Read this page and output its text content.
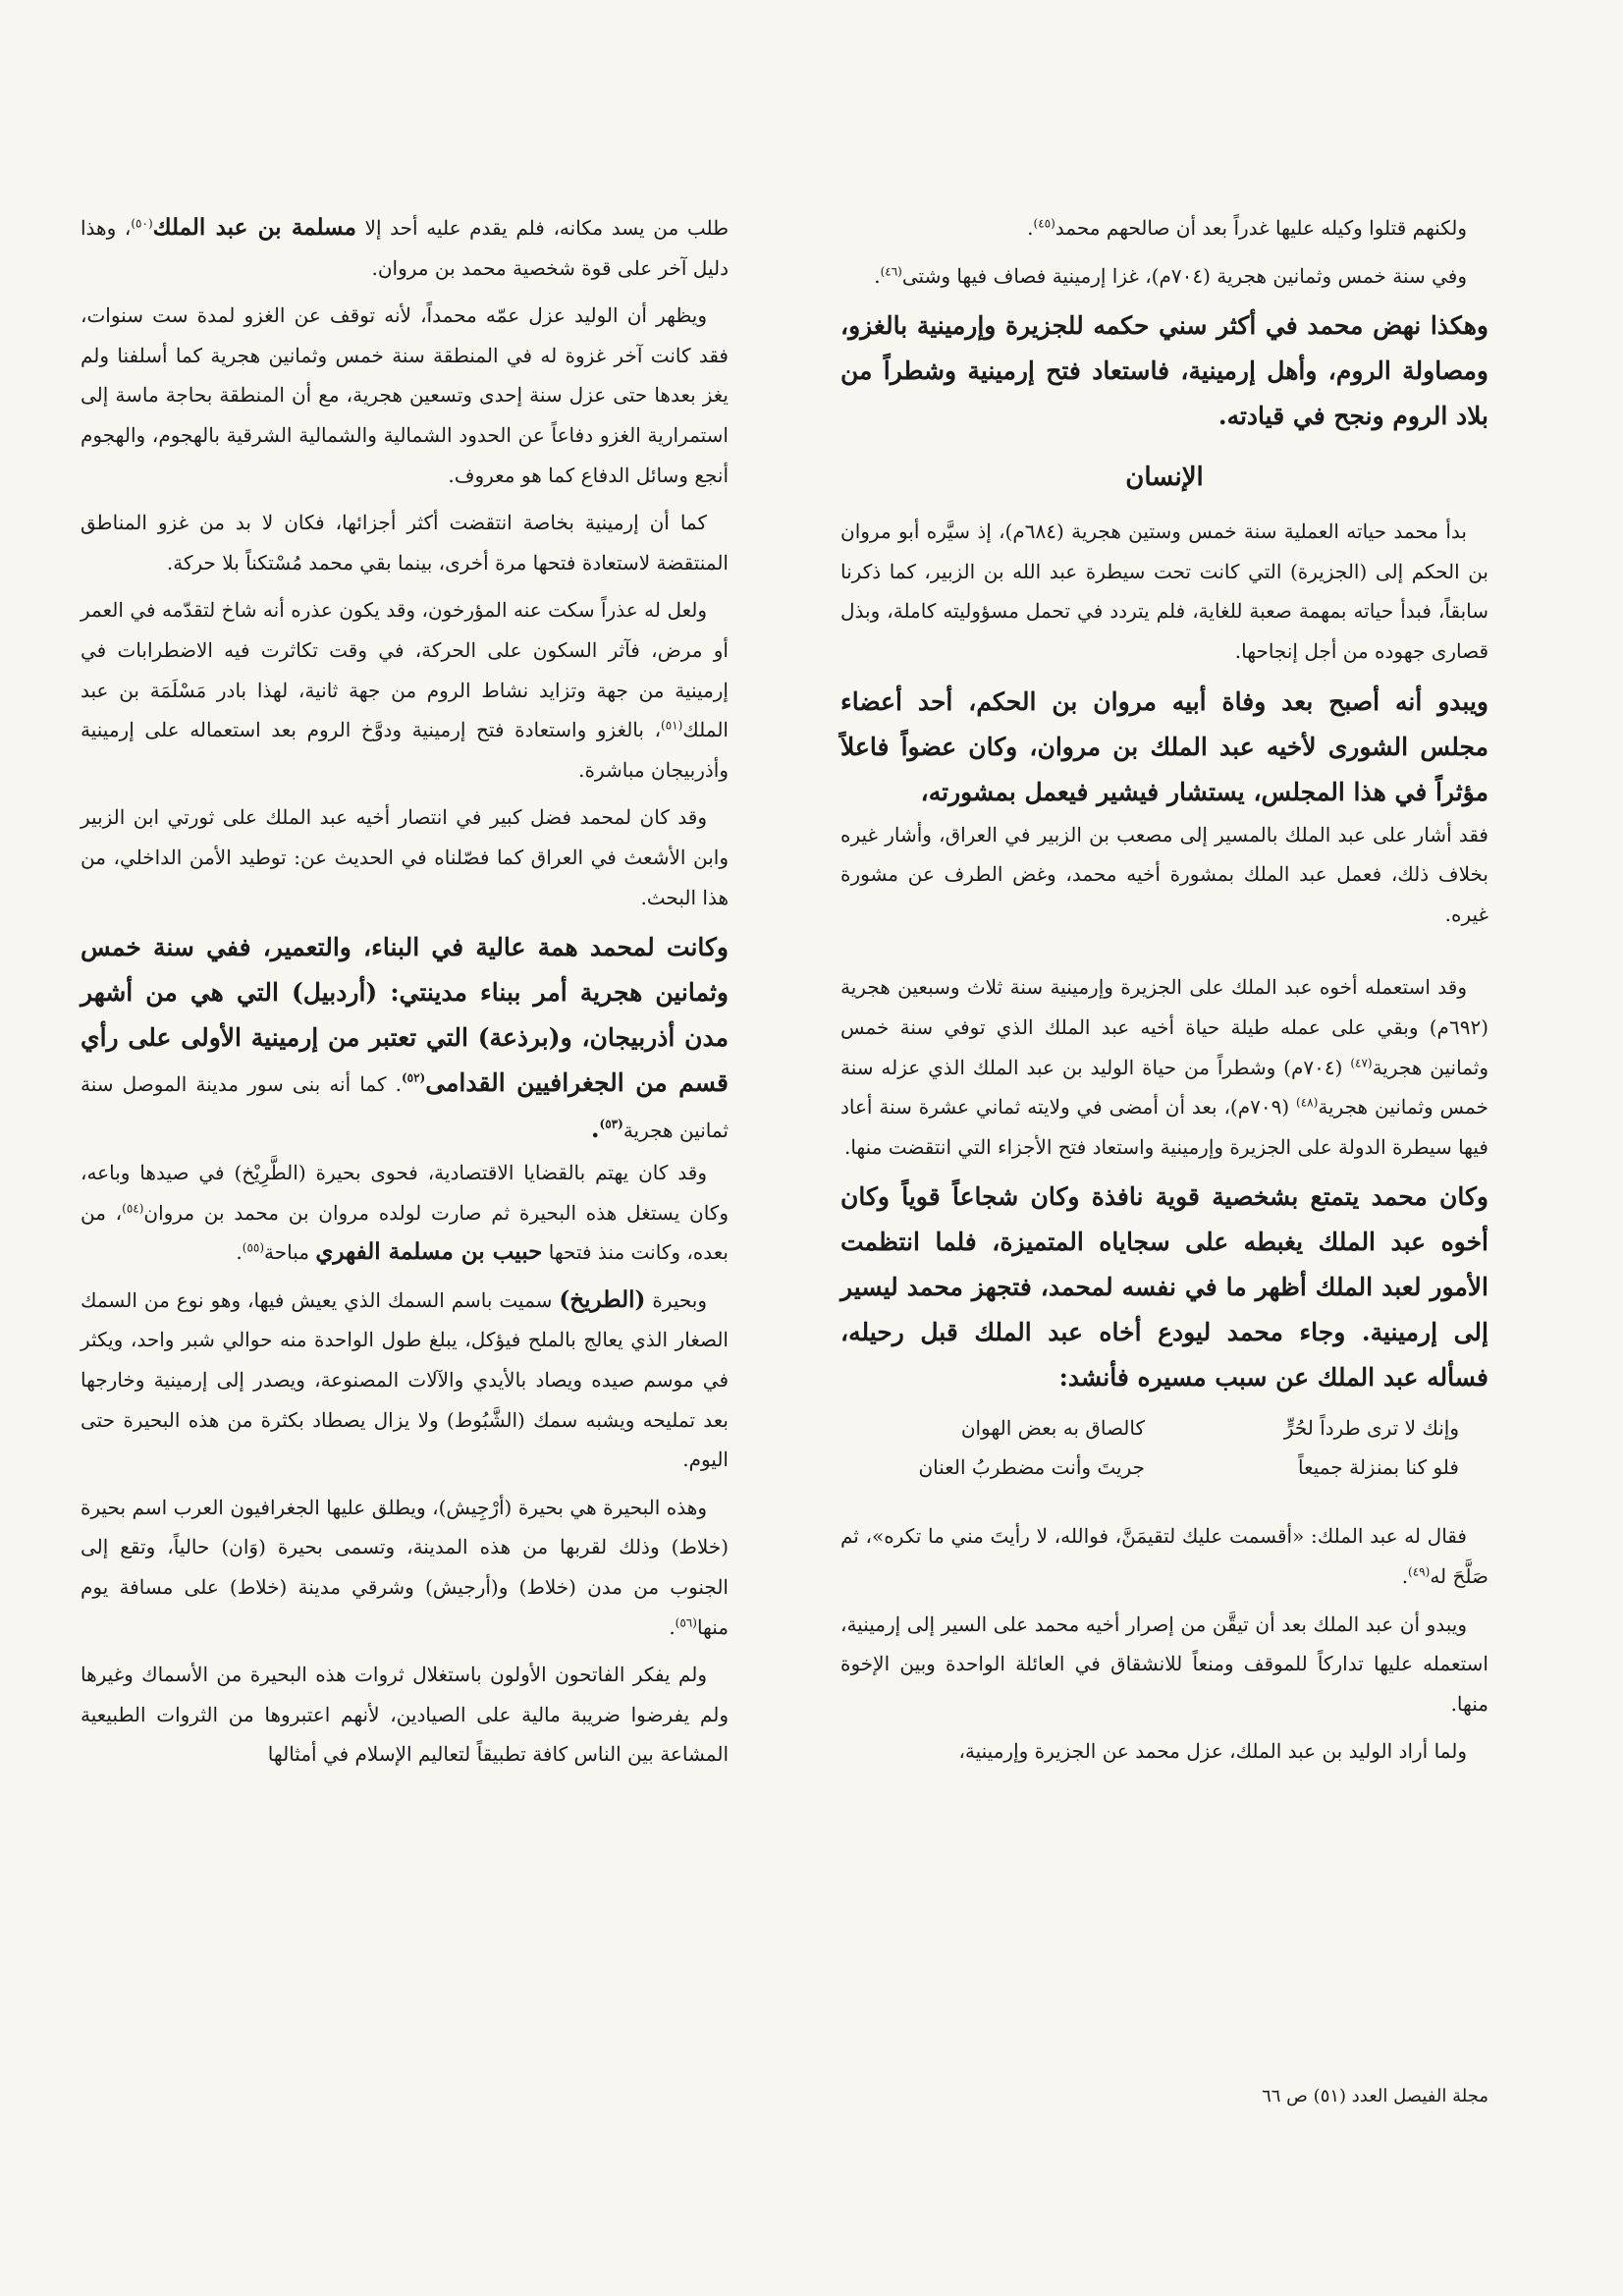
ولكنهم قتلوا وكيله عليها غدراً بعد أن صالحهم محمد$^{(٤٥)}$.

وفي سنة خمس وثمانين هجرية (٧٠٤م)، غزا إرمينية فصاف فيها وشتى$^{(٤٦)}$.

وهكذا نهض محمد في أكثر سني حكمه للجزيرة وإرمينية بالغزو، ومصاولة الروم، وأهل إرمينية، فاستعاد فتح إرمينية وشطراً من بلاد الروم ونجح في قيادته.

الإنسان

بدأ محمد حياته العملية سنة خمس وستين هجرية (٦٨٤م)، إذ سيَّره أبو مروان بن الحكم إلى (الجزيرة) التي كانت تحت سيطرة عبد الله بن الزبير، كما ذكرنا سابقاً، فبدأ حياته بمهمة صعبة للغاية، فلم يتردد في تحمل مسؤوليته كاملة، وبذل قصارى جهوده من أجل إنجاحها.

ويبدو أنه أصبح بعد وفاة أبيه مروان بن الحكم، أحد أعضاء مجلس الشورى لأخيه عبد الملك بن مروان، وكان عضواً فاعلاً مؤثراً في هذا المجلس، يستشار فيشير فيعمل بمشورته،

فقد أشار على عبد الملك بالمسير إلى مصعب بن الزبير في العراق، وأشار غيره بخلاف ذلك، فعمل عبد الملك بمشورة أخيه محمد، وغض الطرف عن مشورة غيره.

وقد استعمله أخوه عبد الملك على الجزيرة وإرمينية سنة ثلاث وسبعين هجرية (٦٩٢م) وبقي على عمله طيلة حياة أخيه عبد الملك الذي توفي سنة خمس وثمانين هجرية$^{(٤٧)}$ (٧٠٤م) وشطراً من حياة الوليد بن عبد الملك الذي عزله سنة خمس وثمانين هجرية$^{(٤٨)}$ (٧٠٩م)، بعد أن أمضى في ولايته ثماني عشرة سنة أعاد فيها سيطرة الدولة على الجزيرة وإرمينية واستعاد فتح الأجزاء التي انتقضت منها.

وكان محمد يتمتع بشخصية قوية نافذة وكان شجاعاً قوياً وكان أخوه عبد الملك يغبطه على سجاياه المتميزة، فلما انتظمت الأمور لعبد الملك أظهر ما في نفسه لمحمد، فتجهز محمد ليسير إلى إرمينية. وجاء محمد ليودع أخاه عبد الملك قبل رحيله، فسأله عبد الملك عن سبب مسيره فأنشد:

وإنك لا ترى طرداً لحُرٍّ
كالصاق به بعض الهوان
فلو كنا بمنزلة جميعاً
جريتَ وأنت مضطربُ العنان

فقال له عبد الملك: «أقسمت عليك لتقيمَنَّ، فوالله، لا رأيتَ مني ما تكره»، ثم صَلَّحَ له$^{(٤٩)}$.

ويبدو أن عبد الملك بعد أن تيقَّن من إصرار أخيه محمد على السير إلى إرمينية، استعمله عليها تداركاً للموقف ومنعاً للانشقاق في العائلة الواحدة وبين الإخوة منها.

ولما أراد الوليد بن عبد الملك، عزل محمد عن الجزيرة وإرمينية،

طلب من يسد مكانه، فلم يقدم عليه أحد إلا مسلمة بن عبد الملك$^{(٥٠)}$، وهذا دليل آخر على قوة شخصية محمد بن مروان.

ويظهر أن الوليد عزل عمّه محمداً، لأنه توقف عن الغزو لمدة ست سنوات، فقد كانت آخر غزوة له في المنطقة سنة خمس وثمانين هجرية كما أسلفنا ولم يغز بعدها حتى عزل سنة إحدى وتسعين هجرية، مع أن المنطقة بحاجة ماسة إلى استمرارية الغزو دفاعاً عن الحدود الشمالية والشمالية الشرقية بالهجوم، والهجوم أنجع وسائل الدفاع كما هو معروف.

كما أن إرمينية بخاصة انتقضت أكثر أجزائها، فكان لا بد من غزو المناطق المنتقضة لاستعادة فتحها مرة أخرى، بينما بقي محمد مُسْتكناً بلا حركة.

ولعل له عذراً سكت عنه المؤرخون، وقد يكون عذره أنه شاخ لتقدّمه في العمر أو مرض، فآثر السكون على الحركة، في وقت تكاثرت فيه الاضطرابات في إرمينية من جهة وتزايد نشاط الروم من جهة ثانية، لهذا بادر مَسْلَمَة بن عبد الملك$^{(٥١)}$، بالغزو واستعادة فتح إرمينية ودوَّخ الروم بعد استعماله على إرمينية وأذربيجان مباشرة.

وقد كان لمحمد فضل كبير في انتصار أخيه عبد الملك على ثورتي ابن الزبير وابن الأشعث في العراق كما فصّلناه في الحديث عن: توطيد الأمن الداخلي، من هذا البحث.

وكانت لمحمد همة عالية في البناء، والتعمير، ففي سنة خمس وثمانين هجرية أمر ببناء مدينتي: (أردبيل) التي هي من أشهر مدن أذربيجان، و(برذعة) التي تعتبر من إرمينية الأولى على رأي قسم من الجغرافيين القدامى$^{(٥٢)}$. كما أنه بنى سور مدينة الموصل سنة ثمانين هجرية$^{(٥٣)}$.

وقد كان يهتم بالقضايا الاقتصادية، فحوى بحيرة (الطَّرِيْخ) في صيدها وباعه، وكان يستغل هذه البحيرة ثم صارت لولده مروان بن محمد بن مروان$^{(٥٤)}$، من بعده، وكانت منذ فتحها حبيب بن مسلمة الفهري مباحة$^{(٥٥)}$.

وبحيرة (الطريخ) سميت باسم السمك الذي يعيش فيها، وهو نوع من السمك الصغار الذي يعالج بالملح فيؤكل، يبلغ طول الواحدة منه حوالي شبر واحد، ويكثر في موسم صيده ويصاد بالأيدي والآلات المصنوعة، ويصدر إلى إرمينية وخارجها بعد تمليحه ويشبه سمك (الشَّبُوط) ولا يزال يصطاد بكثرة من هذه البحيرة حتى اليوم.

وهذه البحيرة هي بحيرة (أرْجِيش)، ويطلق عليها الجغرافيون العرب اسم بحيرة (خلاط) وذلك لقربها من هذه المدينة، وتسمى بحيرة (وَان) حالياً، وتقع إلى الجنوب من مدن (خلاط) و(أرجيش) وشرقي مدينة (خلاط) على مسافة يوم منها$^{(٥٦)}$.

ولم يفكر الفاتحون الأولون باستغلال ثروات هذه البحيرة من الأسماك وغيرها ولم يفرضوا ضريبة مالية على الصيادين، لأنهم اعتبروها من الثروات الطبيعية المشاعة بين الناس كافة تطبيقاً لتعاليم الإسلام في أمثالها

مجلة الفيصل العدد (٥١) ص ٦٦
